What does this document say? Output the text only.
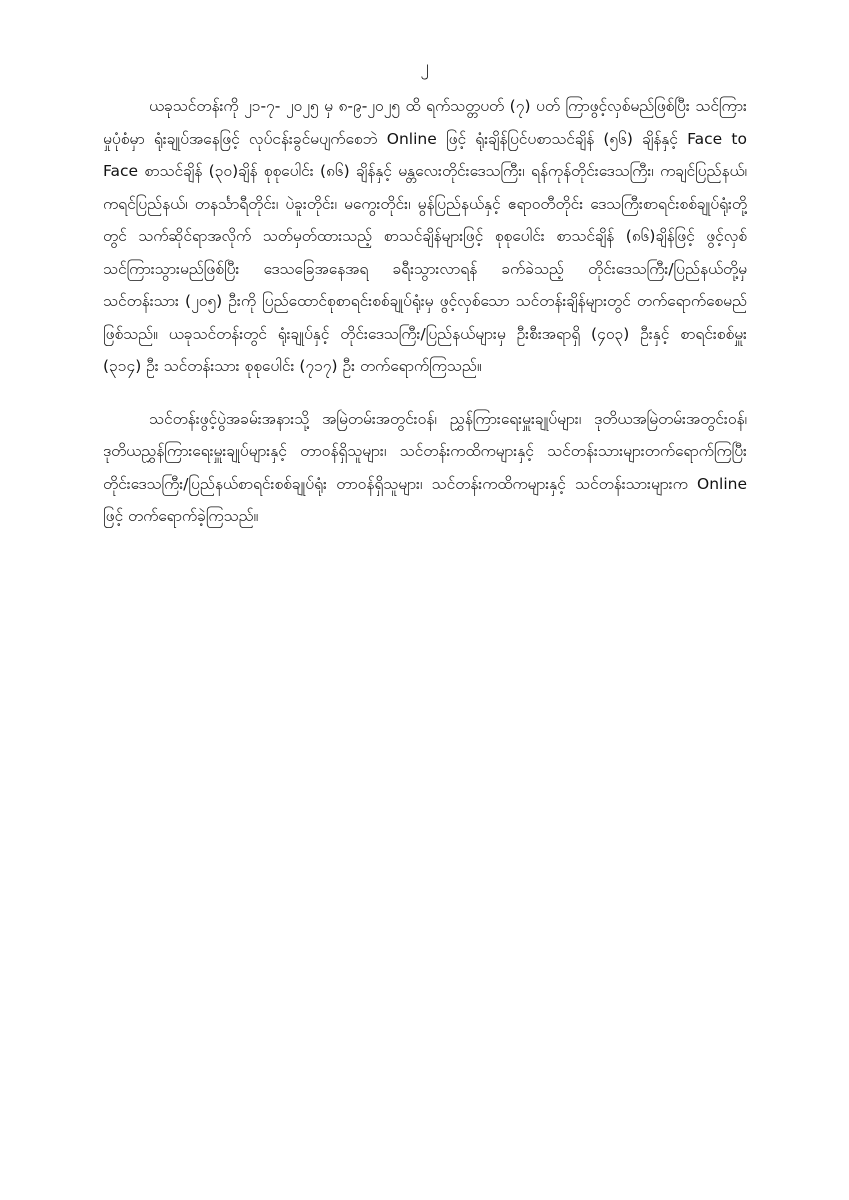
၂

ယခုသင်တန်းကို ၂၁-၇- ၂၀၂၅ မှ ၈-၉-၂၀၂၅ ထိ ရက်သတ္တပတ် (၇) ပတ် ကြာဖွင့်လှစ်မည်ဖြစ်ပြီး သင်ကြားမှုပုံစံမှာ ရုံးချုပ်အနေဖြင့် လုပ်ငန်းခွင်မပျက်စေဘဲ Online ဖြင့် ရုံးချိန်ပြင်ပစာသင်ချိန် (၅၆) ချိန်နှင့် Face to Face စာသင်ချိန် (၃၀)ချိန် စုစုပေါင်း (၈၆) ချိန်နှင့် မန္တလေးတိုင်းဒေသကြီး၊ ရန်ကုန်တိုင်းဒေသကြီး၊ ကချင်ပြည်နယ်၊ ကရင်ပြည်နယ်၊ တနင်္သာရီတိုင်း၊ ပဲခူးတိုင်း၊ မကွေးတိုင်း၊ မွန်ပြည်နယ်နှင့် ဧရာဝတီတိုင်း ဒေသကြီးစာရင်းစစ်ချုပ်ရုံးတို့တွင် သက်ဆိုင်ရာအလိုက် သတ်မှတ်ထားသည့် စာသင်ချိန်များဖြင့် စုစုပေါင်း စာသင်ချိန် (၈၆)ချိန်ဖြင့် ဖွင့်လှစ်သင်ကြားသွားမည်ဖြစ်ပြီး ဒေသခြေအနေအရ ခရီးသွားလာရန် ခက်ခဲသည့် တိုင်းဒေသကြီး/ပြည်နယ်တို့မှ သင်တန်းသား (၂၀၅) ဦးကို ပြည်ထောင်စုစာရင်းစစ်ချုပ်ရုံးမှ ဖွင့်လှစ်သော သင်တန်းချိန်များတွင် တက်ရောက်စေမည်ဖြစ်သည်။ ယခုသင်တန်းတွင် ရုံးချုပ်နှင့် တိုင်းဒေသကြီး/ပြည်နယ်များမှ ဦးစီးအရာရှိ (၄၀၃) ဦးနှင့် စာရင်းစစ်မှူး (၃၁၄) ဦး သင်တန်းသား စုစုပေါင်း (၇၁၇) ဦး တက်ရောက်ကြသည်။

သင်တန်းဖွင့်ပွဲအခမ်းအနားသို့ အမြဲတမ်းအတွင်းဝန်၊ ညွှန်ကြားရေးမှူးချုပ်များ၊ ဒုတိယအမြဲတမ်းအတွင်းဝန်၊ ဒုတိယညွှန်ကြားရေးမှူးချုပ်များနှင့် တာဝန်ရှိသူများ၊ သင်တန်းကထိကများနှင့် သင်တန်းသားများတက်ရောက်ကြပြီး တိုင်းဒေသကြီး/ပြည်နယ်စာရင်းစစ်ချုပ်ရုံး တာဝန်ရှိသူများ၊ သင်တန်းကထိကများနှင့် သင်တန်းသားများက Online ဖြင့် တက်ရောက်ခဲ့ကြသည်။
